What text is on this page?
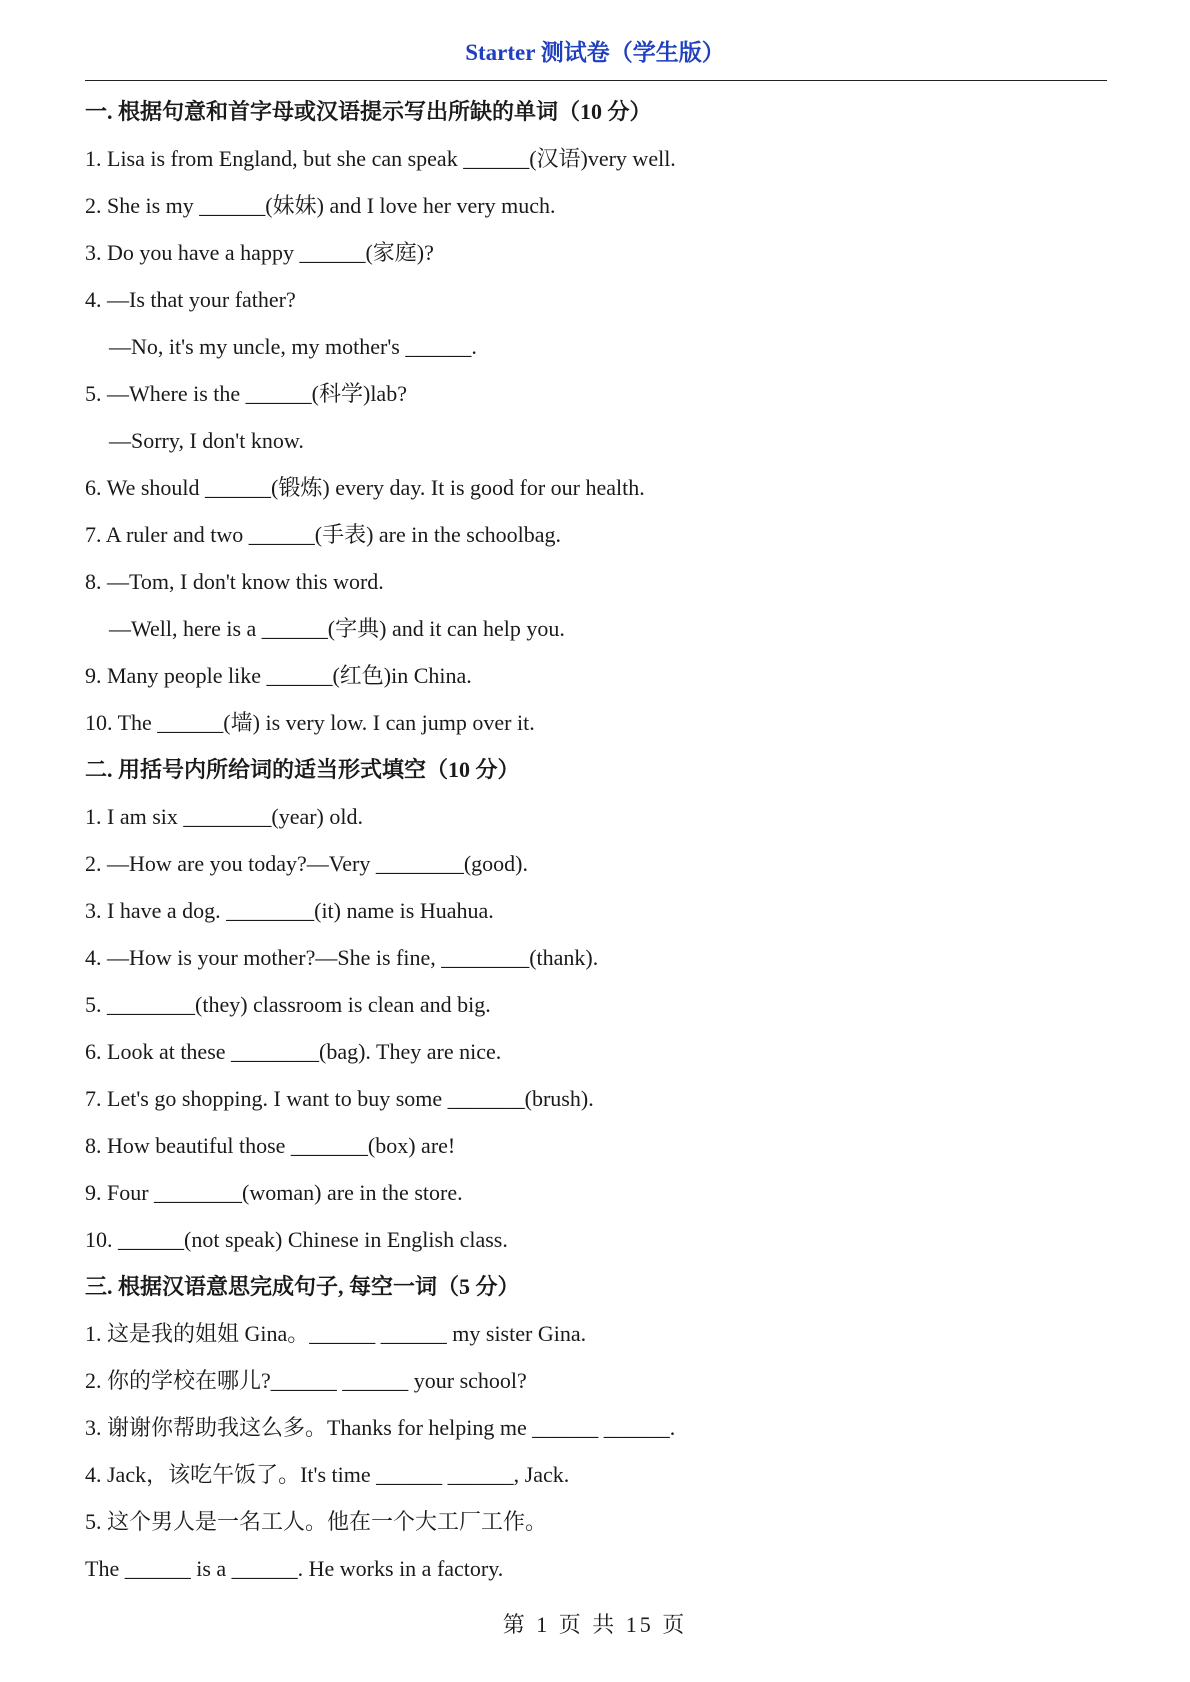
Starter 测试卷（学生版）
一. 根据句意和首字母或汉语提示写出所缺的单词（10 分）
1. Lisa is from England, but she can speak ______(汉语)very well.
2. She is my ______(妹妹) and I love her very much.
3. Do you have a happy ______(家庭)?
4. —Is that your father?
—No, it's my uncle, my mother's ______.
5. —Where is the ______(科学)lab?
—Sorry, I don't know.
6. We should ______(锻炼) every day. It is good for our health.
7. A ruler and two ______(手表) are in the schoolbag.
8. —Tom, I don't know this word.
—Well, here is a ______(字典) and it can help you.
9. Many people like ______(红色)in China.
10. The ______(墙) is very low. I can jump over it.
二. 用括号内所给词的适当形式填空（10 分）
1. I am six ________(year) old.
2. —How are you today?—Very ________(good).
3. I have a dog. ________(it) name is Huahua.
4. —How is your mother?—She is fine, ________(thank).
5. ________(they) classroom is clean and big.
6. Look at these ________(bag). They are nice.
7. Let's go shopping. I want to buy some _______(brush).
8. How beautiful those _______(box) are!
9. Four ________(woman) are in the store.
10. ______(not speak) Chinese in English class.
三. 根据汉语意思完成句子, 每空一词（5 分）
1. 这是我的姐姐 Gina。______ ______ my sister Gina.
2. 你的学校在哪儿?______ ______ your school?
3. 谢谢你帮助我这么多。Thanks for helping me ______ ______.
4. Jack，该吃午饭了。It's time ______ ______, Jack.
5. 这个男人是一名工人。他在一个大工厂工作。
The ______ is a ______. He works in a factory.
第 1 页 共 15 页
